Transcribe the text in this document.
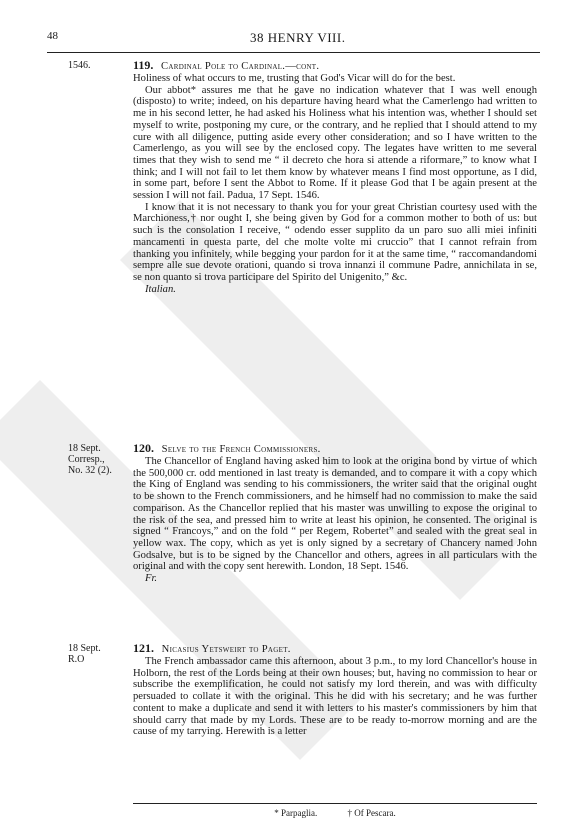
48	38 HENRY VIII.
1546.	119. Cardinal Pole to Cardinal.—cont.

Holiness of what occurs to me, trusting that God's Vicar will do for the best.

Our abbot* assures me that he gave no indication whatever that I was well enough (disposto) to write; indeed, on his departure having heard what the Camerlengo had written to me in his second letter, he had asked his Holiness what his intention was, whether I should set myself to write, postponing my cure, or the contrary, and he replied that I should attend to my cure with all diligence, putting aside every other consideration; and so I have written to the Camerlengo, as you will see by the enclosed copy. The legates have written to me several times that they wish to send me “ il decreto che hora si attende a riformare,” to know what I think; and I will not fail to let them know by whatever means I find most opportune, as I did, in some part, before I sent the Abbot to Rome. If it please God that I be again present at the session I will not fail. Padua, 17 Sept. 1546.

I know that it is not necessary to thank you for your great Christian courtesy used with the Marchioness,† nor ought I, she being given by God for a common mother to both of us: but such is the consolation I receive, “ odendo esser supplito da un paro suo alli miei infiniti mancamenti in questa parte, del che molte volte mi cruccio” that I cannot refrain from thanking you infinitely, while begging your pardon for it at the same time, “ raccomandandomi sempre alle sue devote orationi, quando si trova innanzi il commune Padre, annichilata in se, se non quanto si trova participare del Spirito del Unigenito,” &c.

Italian.

18 Sept.
Corresp.,
No. 32 (2).
120. Selve to the French Commissioners.

The Chancellor of England having asked him to look at the origina bond by virtue of which the 500,000 cr. odd mentioned in last treaty is demanded, and to compare it with a copy which the King of England was sending to his commissioners, the writer said that the original ought to be shown to the French commissioners, and he himself had no commission to make the said comparison. As the Chancellor replied that his master was unwilling to expose the original to the risk of the sea, and pressed him to write at least his opinion, he consented. The original is signed “ Francoys,” and on the fold “ per Regem, Robertet” and sealed with the great seal in yellow wax. The copy, which as yet is only signed by a secretary of Chancery named John Godsalve, but is to be signed by the Chancellor and others, agrees in all particulars with the original and with the copy sent herewith. London, 18 Sept. 1546.

Fr.

18 Sept.
R.O
121. Nicasius Yetsweirt to Paget.

The French ambassador came this afternoon, about 3 p.m., to my lord Chancellor's house in Holborn, the rest of the Lords being at their own houses; but, having no commission to hear or subscribe the exemplification, he could not satisfy my lord therein, and was with difficulty persuaded to collate it with the original. This he did with his secretary; and he was further content to make a duplicate and send it with letters to his master's commissioners by him that should carry that made by my Lords. These are to be ready to-morrow morning and are the cause of my tarrying. Herewith is a letter

* Parpaglia.	† Of Pescara.
